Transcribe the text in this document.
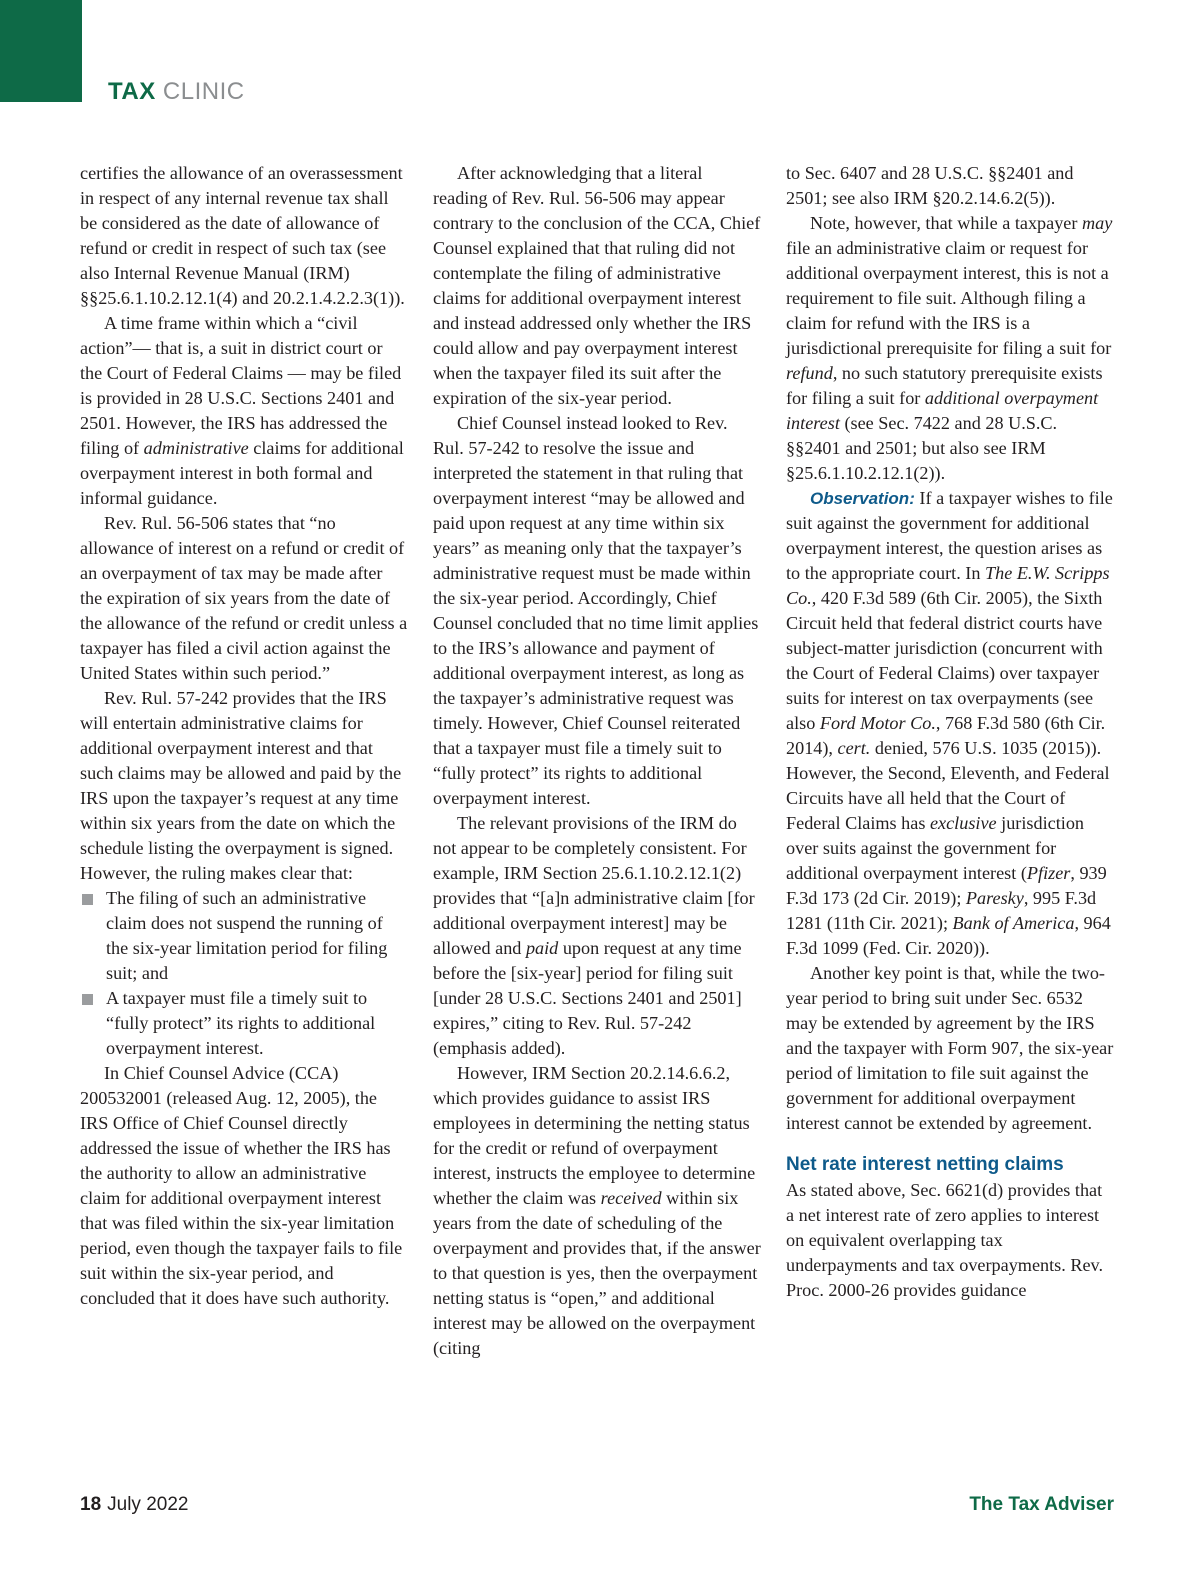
TAX CLINIC

certifies the allowance of an overassessment in respect of any internal revenue tax shall be considered as the date of allowance of refund or credit in respect of such tax (see also Internal Revenue Manual (IRM) §§25.6.1.10.2.12.1(4) and 20.2.1.4.2.2.3(1)).

A time frame within which a “civil action”— that is, a suit in district court or the Court of Federal Claims — may be filed is provided in 28 U.S.C. Sections 2401 and 2501. However, the IRS has addressed the filing of administrative claims for additional overpayment interest in both formal and informal guidance.

Rev. Rul. 56-506 states that “no allowance of interest on a refund or credit of an overpayment of tax may be made after the expiration of six years from the date of the allowance of the refund or credit unless a taxpayer has filed a civil action against the United States within such period.”

Rev. Rul. 57-242 provides that the IRS will entertain administrative claims for additional overpayment interest and that such claims may be allowed and paid by the IRS upon the taxpayer’s request at any time within six years from the date on which the schedule listing the overpayment is signed. However, the ruling makes clear that:

The filing of such an administrative claim does not suspend the running of the six-year limitation period for filing suit; and
A taxpayer must file a timely suit to “fully protect” its rights to additional overpayment interest.

In Chief Counsel Advice (CCA) 200532001 (released Aug. 12, 2005), the IRS Office of Chief Counsel directly addressed the issue of whether the IRS has the authority to allow an administrative claim for additional overpayment interest that was filed within the six-year limitation period, even though the taxpayer fails to file suit within the six-year period, and concluded that it does have such authority.

After acknowledging that a literal reading of Rev. Rul. 56-506 may appear contrary to the conclusion of the CCA, Chief Counsel explained that that ruling did not contemplate the filing of administrative claims for additional overpayment interest and instead addressed only whether the IRS could allow and pay overpayment interest when the taxpayer filed its suit after the expiration of the six-year period.

Chief Counsel instead looked to Rev. Rul. 57-242 to resolve the issue and interpreted the statement in that ruling that overpayment interest “may be allowed and paid upon request at any time within six years” as meaning only that the taxpayer’s administrative request must be made within the six-year period. Accordingly, Chief Counsel concluded that no time limit applies to the IRS’s allowance and payment of additional overpayment interest, as long as the taxpayer’s administrative request was timely. However, Chief Counsel reiterated that a taxpayer must file a timely suit to “fully protect” its rights to additional overpayment interest.

The relevant provisions of the IRM do not appear to be completely consistent. For example, IRM Section 25.6.1.10.2.12.1(2) provides that “[a]n administrative claim [for additional overpayment interest] may be allowed and paid upon request at any time before the [six-year] period for filing suit [under 28 U.S.C. Sections 2401 and 2501] expires,” citing to Rev. Rul. 57-242 (emphasis added).

However, IRM Section 20.2.14.6.6.2, which provides guidance to assist IRS employees in determining the netting status for the credit or refund of overpayment interest, instructs the employee to determine whether the claim was received within six years from the date of scheduling of the overpayment and provides that, if the answer to that question is yes, then the overpayment netting status is “open,” and additional interest may be allowed on the overpayment (citing

to Sec. 6407 and 28 U.S.C. §§2401 and 2501; see also IRM §20.2.14.6.2(5)).

Note, however, that while a taxpayer may file an administrative claim or request for additional overpayment interest, this is not a requirement to file suit. Although filing a claim for refund with the IRS is a jurisdictional prerequisite for filing a suit for refund, no such statutory prerequisite exists for filing a suit for additional overpayment interest (see Sec. 7422 and 28 U.S.C. §§2401 and 2501; but also see IRM §25.6.1.10.2.12.1(2)).

Observation: If a taxpayer wishes to file suit against the government for additional overpayment interest, the question arises as to the appropriate court. In The E.W. Scripps Co., 420 F.3d 589 (6th Cir. 2005), the Sixth Circuit held that federal district courts have subject-matter jurisdiction (concurrent with the Court of Federal Claims) over taxpayer suits for interest on tax overpayments (see also Ford Motor Co., 768 F.3d 580 (6th Cir. 2014), cert. denied, 576 U.S. 1035 (2015)). However, the Second, Eleventh, and Federal Circuits have all held that the Court of Federal Claims has exclusive jurisdiction over suits against the government for additional overpayment interest (Pfizer, 939 F.3d 173 (2d Cir. 2019); Paresky, 995 F.3d 1281 (11th Cir. 2021); Bank of America, 964 F.3d 1099 (Fed. Cir. 2020)).

Another key point is that, while the two-year period to bring suit under Sec. 6532 may be extended by agreement by the IRS and the taxpayer with Form 907, the six-year period of limitation to file suit against the government for additional overpayment interest cannot be extended by agreement.

Net rate interest netting claims

As stated above, Sec. 6621(d) provides that a net interest rate of zero applies to interest on equivalent overlapping tax underpayments and tax overpayments. Rev. Proc. 2000-26 provides guidance

18 July 2022	The Tax Adviser
